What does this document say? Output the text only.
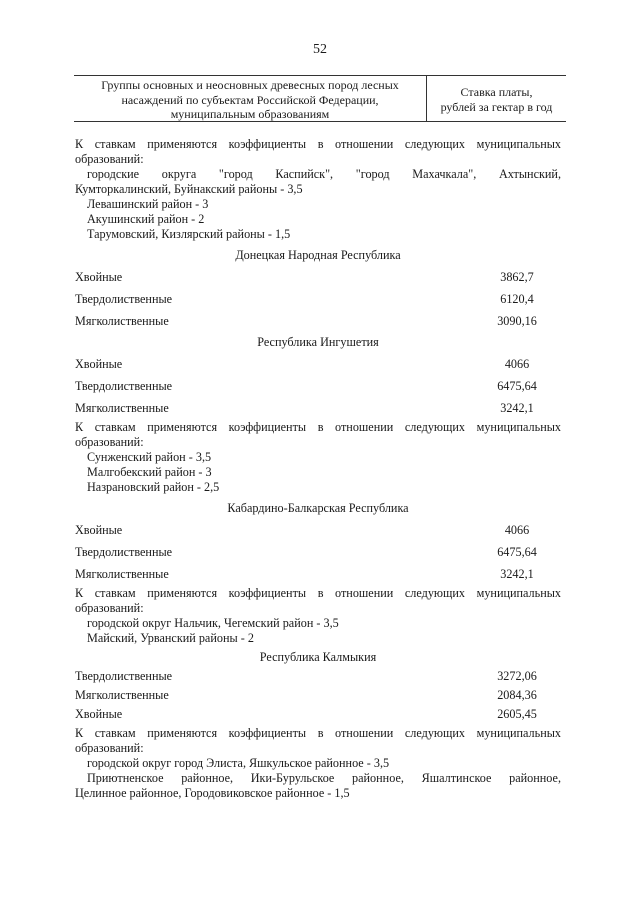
52
Группы основных и неосновных древесных пород лесных
насаждений по субъектам Российской Федерации,
муниципальным образованиям
Ставка платы,
рублей за гектар в год
К ставкам применяются коэффициенты в отношении следующих муниципальных
образований:
городские округа "город Каспийск", "город Махачкала", Ахтынский,
Кумторкалинский, Буйнакский районы - 3,5
Левашинский район - 3
Акушинский район - 2
Тарумовский, Кизлярский районы - 1,5
Донецкая Народная Республика
Хвойные	3862,7
Твердолиственные	6120,4
Мягколиственные	3090,16
Республика Ингушетия
Хвойные	4066
Твердолиственные	6475,64
Мягколиственные	3242,1
К ставкам применяются коэффициенты в отношении следующих муниципальных
образований:
Сунженский район - 3,5
Малгобекский район - 3
Назрановский район - 2,5
Кабардино-Балкарская Республика
Хвойные	4066
Твердолиственные	6475,64
Мягколиственные	3242,1
К ставкам применяются коэффициенты в отношении следующих муниципальных
образований:
городской округ Нальчик, Чегемский район - 3,5
Майский, Урванский районы - 2
Республика Калмыкия
Твердолиственные	3272,06
Мягколиственные	2084,36
Хвойные	2605,45
К ставкам применяются коэффициенты в отношении следующих муниципальных
образований:
городской округ город Элиста, Яшкульское районное - 3,5
Приютненское районное, Ики-Бурульское районное, Яшалтинское районное,
Целинное районное, Городовиковское районное - 1,5
